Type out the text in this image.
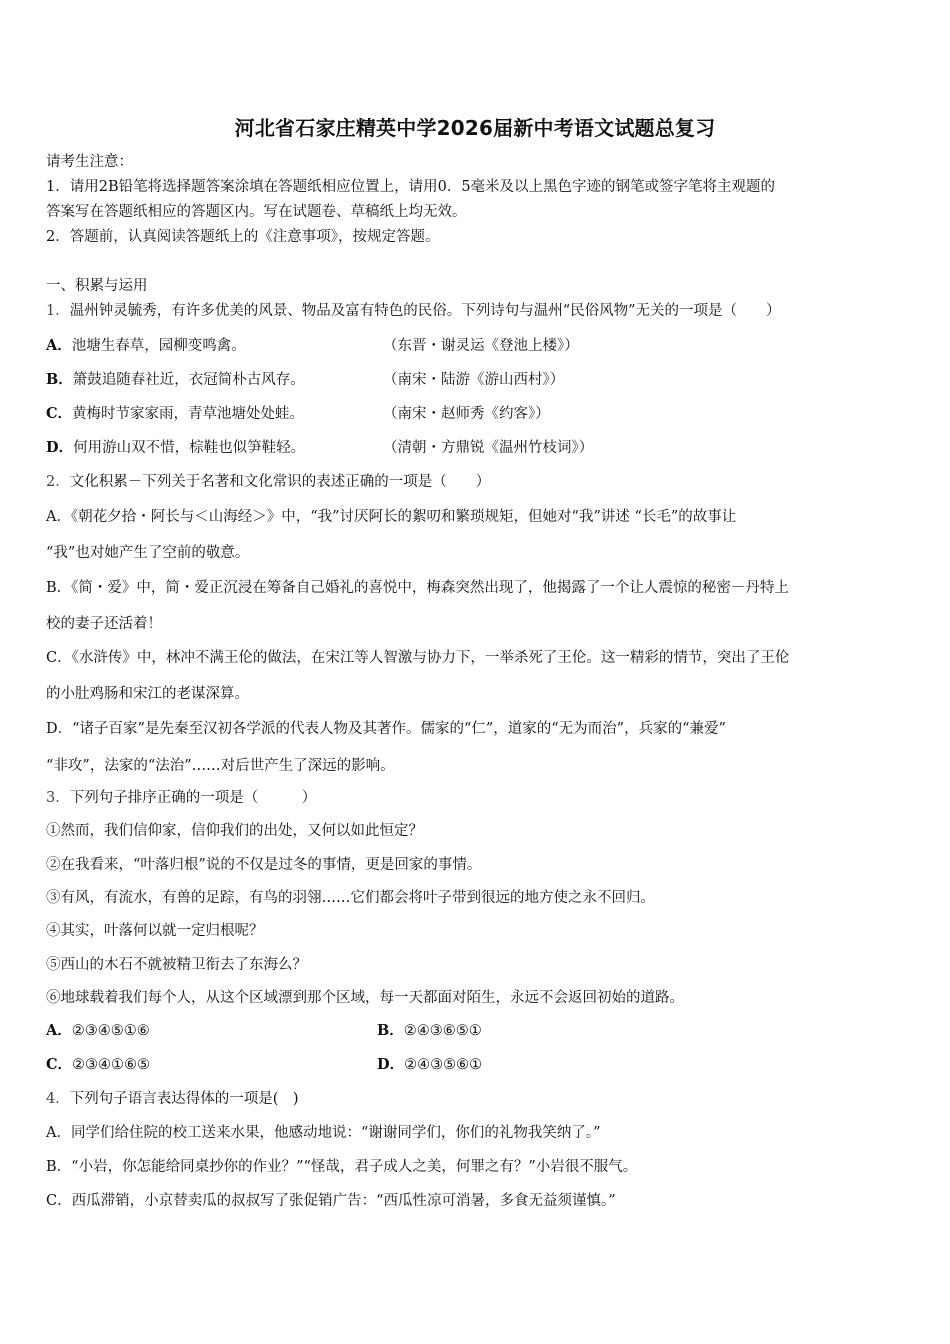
河北省石家庄精英中学2026届新中考语文试题总复习
请考生注意：
1．请用2B铅笔将选择题答案涂填在答题纸相应位置上，请用0．5毫米及以上黑色字迹的钢笔或签字笔将主观题的
答案写在答题纸相应的答题区内。写在试题卷、草稿纸上均无效。
2．答题前，认真阅读答题纸上的《注意事项》，按规定答题。
一、积累与运用
1．温州钟灵毓秀，有许多优美的风景、物品及富有特色的民俗。下列诗句与温州“民俗风物”无关的一项是（　　）
A．池塘生春草，园柳变鸣禽。	（东晋・谢灵运《登池上楼》）
B．箫鼓追随春社近，衣冠简朴古风存。	（南宋・陆游《游山西村》）
C．黄梅时节家家雨，青草池塘处处蛙。	（南宋・赵师秀《约客》）
D．何用游山双不惜，棕鞋也似笋鞋轻。	（清朝・方鼎锐《温州竹枝词》）
2．文化积累－下列关于名著和文化常识的表述正确的一项是（　　）
A．《朝花夕拾・阿长与＜山海经＞》中，“我”讨厌阿长的絮叨和繁琐规矩，但她对“我”讲述 “长毛”的故事让
“我”也对她产生了空前的敬意。
B．《简・爱》中，简・爱正沉浸在筹备自己婚礼的喜悦中，梅森突然出现了，他揭露了一个让人震惊的秘密－丹特上
校的妻子还活着！
C．《水浒传》中，林冲不满王伦的做法，在宋江等人智激与协力下，一举杀死了王伦。这一精彩的情节，突出了王伦
的小肚鸡肠和宋江的老谋深算。
D．“诸子百家”是先秦至汉初各学派的代表人物及其著作。儒家的“仁”，道家的“无为而治”，兵家的“兼爱”
“非攻”，法家的“法治”……对后世产生了深远的影响。
3．下列句子排序正确的一项是（　　　）
①然而，我们信仰家，信仰我们的出处，又何以如此恒定？
②在我看来，“叶落归根”说的不仅是过冬的事情，更是回家的事情。
③有风，有流水，有兽的足踪，有鸟的羽翎……它们都会将叶子带到很远的地方使之永不回归。
④其实，叶落何以就一定归根呢？
⑤西山的木石不就被精卫衔去了东海么？
⑥地球载着我们每个人，从这个区域漂到那个区域，每一天都面对陌生，永远不会返回初始的道路。
A．②③④⑤①⑥	B．②④③⑥⑤①
C．②③④①⑥⑤	D．②④③⑤⑥①
4．下列句子语言表达得体的一项是(　)
A．同学们给住院的校工送来水果，他感动地说：“谢谢同学们，你们的礼物我笑纳了。”
B．“小岩，你怎能给同桌抄你的作业？”“怪哉，君子成人之美，何罪之有？”小岩很不服气。
C．西瓜滞销，小京替卖瓜的叔叔写了张促销广告：“西瓜性凉可消暑，多食无益须谨慎。”
